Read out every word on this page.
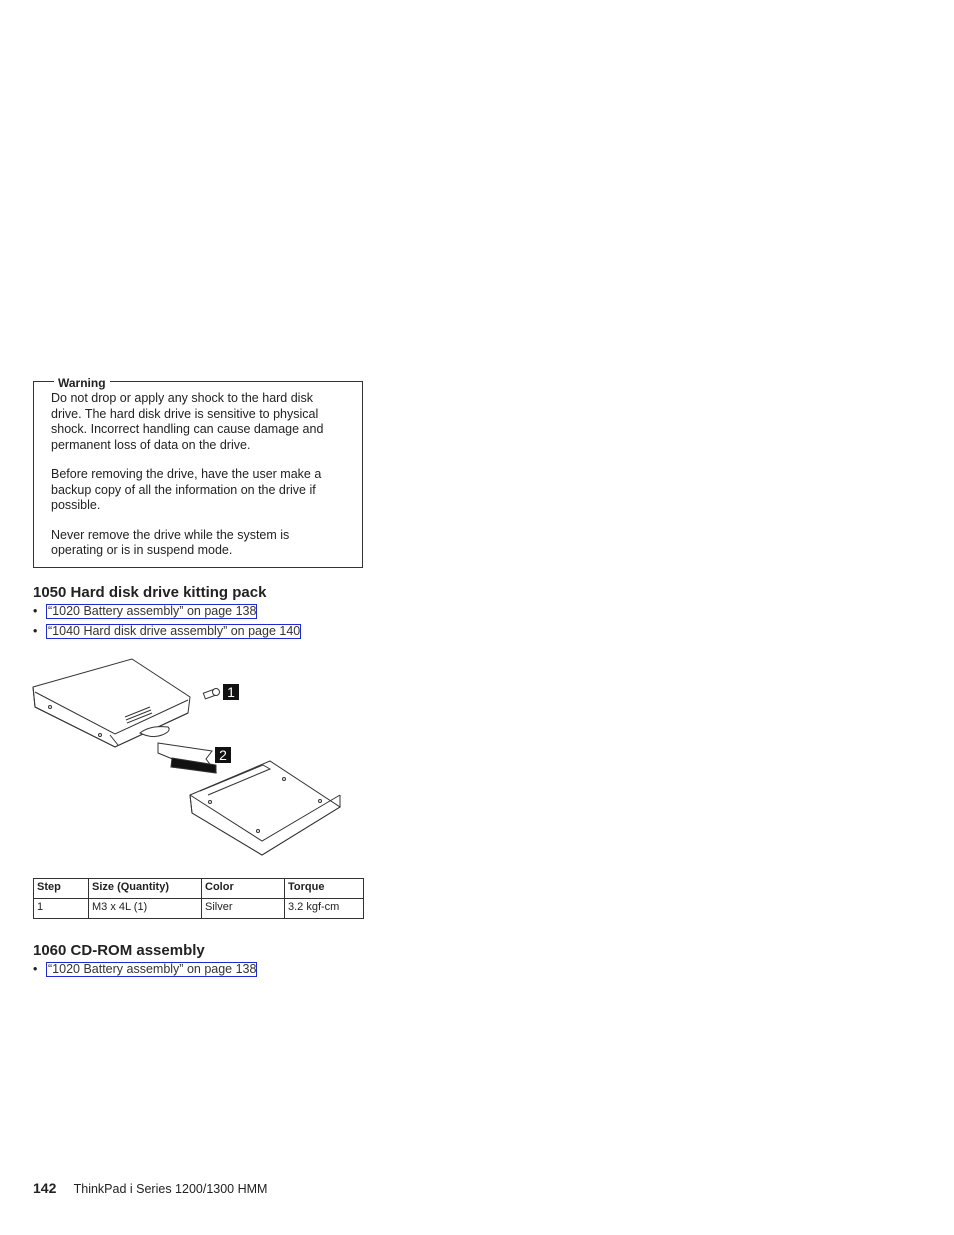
Warning

Do not drop or apply any shock to the hard disk drive. The hard disk drive is sensitive to physical shock. Incorrect handling can cause damage and permanent loss of data on the drive.

Before removing the drive, have the user make a backup copy of all the information on the drive if possible.

Never remove the drive while the system is operating or is in suspend mode.

1050 Hard disk drive kitting pack
• “1020 Battery assembly” on page 138
• “1040 Hard disk drive assembly” on page 140
1
2
Step	Size (Quantity)	Color	Torque
1	M3 x 4L (1)	Silver	3.2 kgf-cm
1060 CD-ROM assembly
• “1020 Battery assembly” on page 138
142 ThinkPad i Series 1200/1300 HMM
